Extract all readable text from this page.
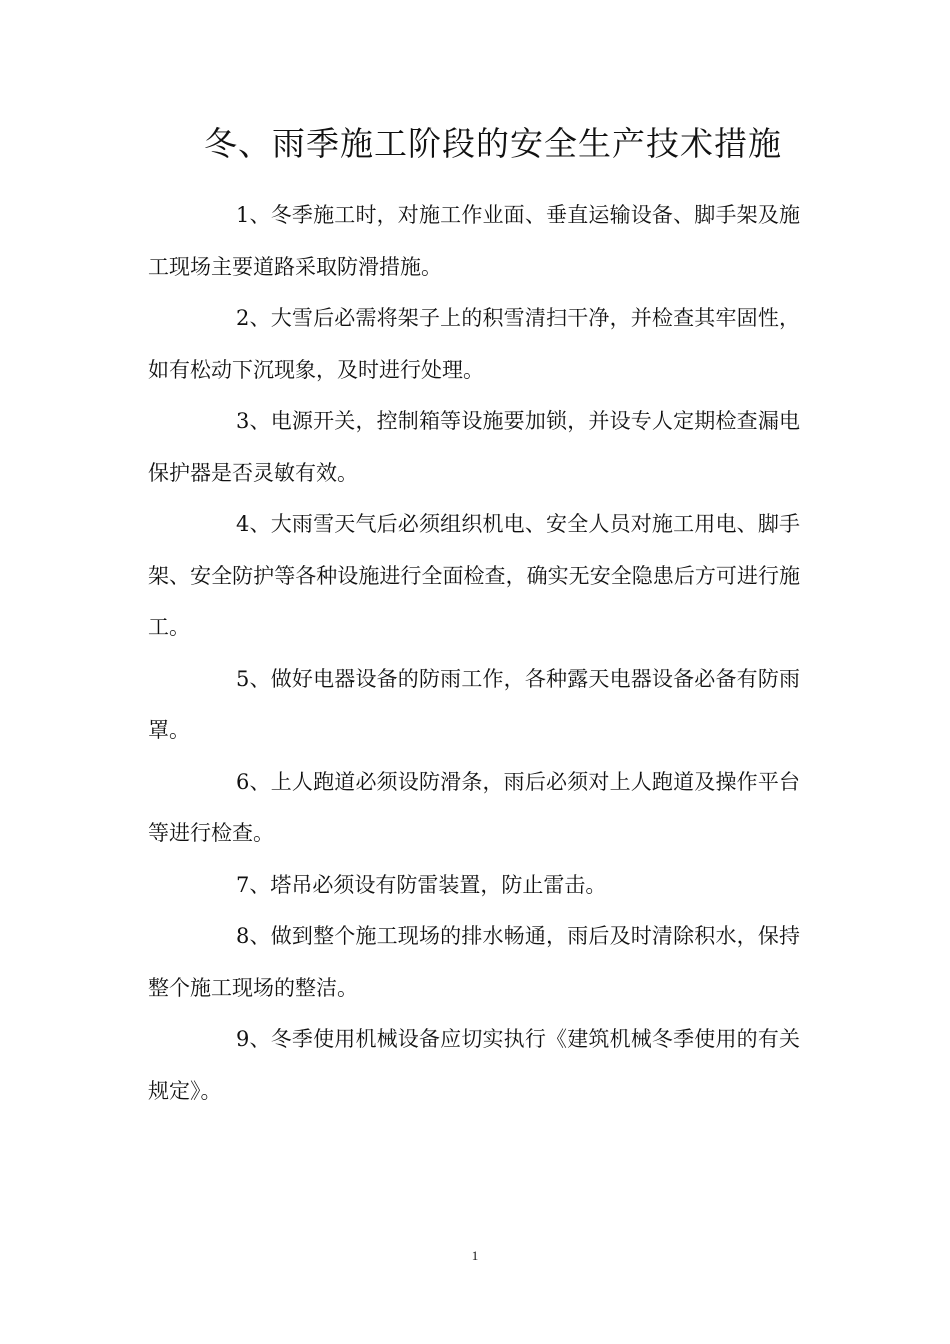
冬、雨季施工阶段的安全生产技术措施

1、冬季施工时，对施工作业面、垂直运输设备、脚手架及施工现场主要道路采取防滑措施。

2、大雪后必需将架子上的积雪清扫干净，并检查其牢固性，如有松动下沉现象，及时进行处理。

3、电源开关，控制箱等设施要加锁，并设专人定期检查漏电保护器是否灵敏有效。

4、大雨雪天气后必须组织机电、安全人员对施工用电、脚手架、安全防护等各种设施进行全面检查，确实无安全隐患后方可进行施工。

5、做好电器设备的防雨工作，各种露天电器设备必备有防雨罩。

6、上人跑道必须设防滑条，雨后必须对上人跑道及操作平台等进行检查。

7、塔吊必须设有防雷装置，防止雷击。

8、做到整个施工现场的排水畅通，雨后及时清除积水，保持整个施工现场的整洁。

9、冬季使用机械设备应切实执行《建筑机械冬季使用的有关规定》。

1
